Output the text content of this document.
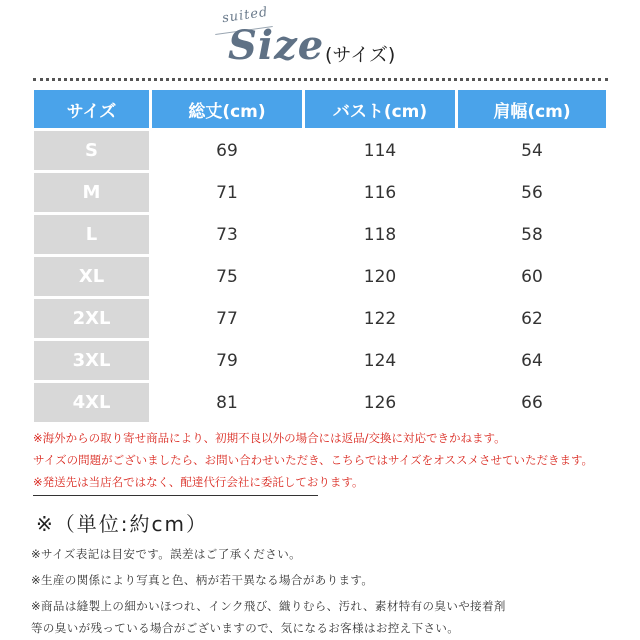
suited
Size (サイズ)
サイズ	総丈(cm)	バスト(cm)	肩幅(cm)
S	69	114	54
M	71	116	56
L	73	118	58
XL	75	120	60
2XL	77	122	62
3XL	79	124	64
4XL	81	126	66
※海外からの取り寄せ商品により、初期不良以外の場合には返品/交換に対応できかねます。
サイズの問題がございましたら、お問い合わせいただき、こちらではサイズをオススメさせていただきます。
※発送先は当店名ではなく、配達代行会社に委託しております。
※（単位:約cm）
※サイズ表記は目安です。誤差はご了承ください。
※生産の関係により写真と色、柄が若干異なる場合があります。
※商品は縫製上の細かいほつれ、インク飛び、織りむら、汚れ、素材特有の臭いや接着剤
等の臭いが残っている場合がございますので、気になるお客様はお控え下さい。
